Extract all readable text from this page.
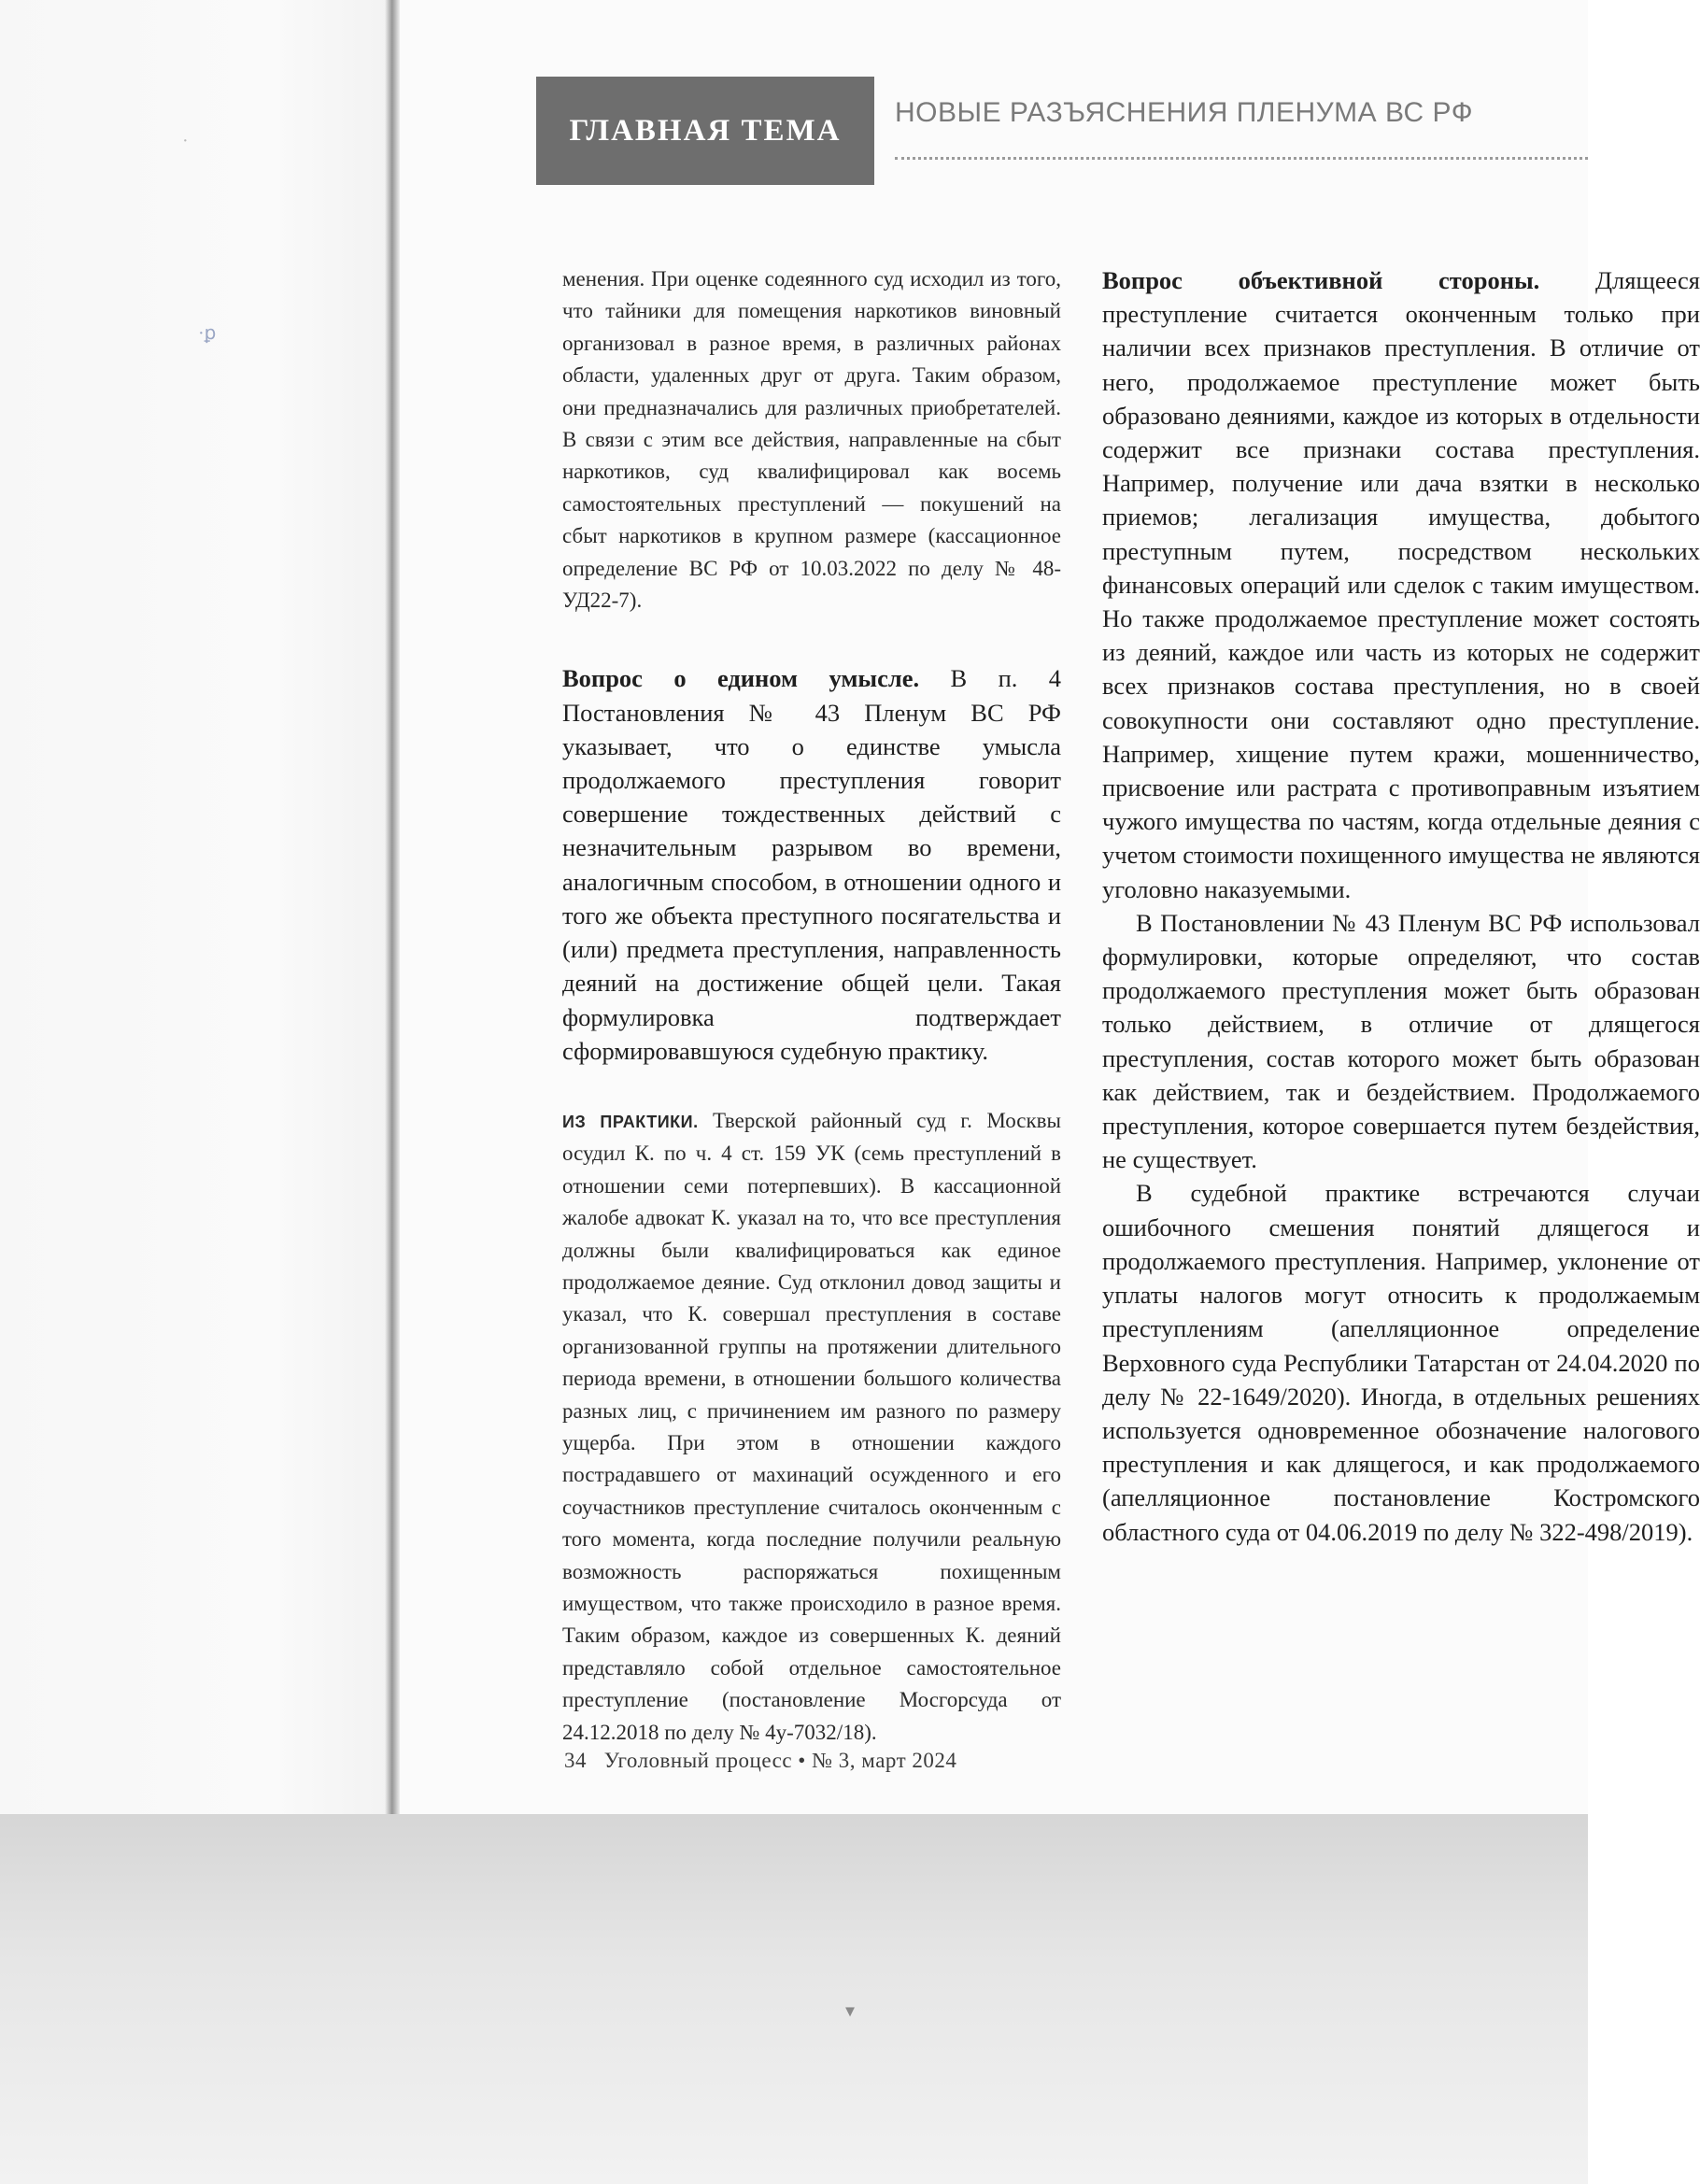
·ꝑ
·
▾
ГЛАВНАЯ ТЕМА
НОВЫЕ РАЗЪЯСНЕНИЯ ПЛЕНУМА ВС РФ

менения. При оценке содеянного суд исходил из того, что тайники для помещения наркотиков виновный организовал в разное время, в различных районах области, удаленных друг от друга. Таким образом, они предназначались для различных приобретателей. В связи с этим все действия, направленные на сбыт наркотиков, суд квалифицировал как восемь самостоятельных преступлений — покушений на сбыт наркотиков в крупном размере (кассационное определение ВС РФ от 10.03.2022 по делу № 48-УД22-7).

Вопрос о едином умысле. В п. 4 Постановления № 43 Пленум ВС РФ указывает, что о единстве умысла продолжаемого преступления говорит совершение тождественных действий с незначительным разрывом во времени, аналогичным способом, в отношении одного и того же объекта преступного посягательства и (или) предмета преступления, направленность деяний на достижение общей цели. Такая формулировка подтверждает сформировавшуюся судебную практику.

ИЗ ПРАКТИКИ. Тверской районный суд г. Москвы осудил К. по ч. 4 ст. 159 УК (семь преступлений в отношении семи потерпевших). В кассационной жалобе адвокат К. указал на то, что все преступления должны были квалифицироваться как единое продолжаемое деяние. Суд отклонил довод защиты и указал, что К. совершал преступления в составе организованной группы на протяжении длительного периода времени, в отношении большого количества разных лиц, с причинением им разного по размеру ущерба. При этом в отношении каждого пострадавшего от махинаций осужденного и его соучастников преступление считалось оконченным с того момента, когда последние получили реальную возможность распоряжаться похищенным имуществом, что также происходило в разное время. Таким образом, каждое из совершенных К. деяний представляло собой отдельное самостоятельное преступление (постановление Мосгорсуда от 24.12.2018 по делу № 4у-7032/18).

Вопрос объективной стороны. Длящееся преступление считается оконченным только при наличии всех признаков преступления. В отличие от него, продолжаемое преступление может быть образовано деяниями, каждое из которых в отдельности содержит все признаки состава преступления. Например, получение или дача взятки в несколько приемов; легализация имущества, добытого преступным путем, посредством нескольких финансовых операций или сделок с таким имуществом. Но также продолжаемое преступление может состоять из деяний, каждое или часть из которых не содержит всех признаков состава преступления, но в своей совокупности они составляют одно преступление. Например, хищение путем кражи, мошенничество, присвоение или растрата с противоправным изъятием чужого имущества по частям, когда отдельные деяния с учетом стоимости похищенного имущества не являются уголовно наказуемыми.

В Постановлении № 43 Пленум ВС РФ использовал формулировки, которые определяют, что состав продолжаемого преступления может быть образован только действием, в отличие от длящегося преступления, состав которого может быть образован как действием, так и бездействием. Продолжаемого преступления, которое совершается путем бездействия, не существует.

В судебной практике встречаются случаи ошибочного смешения понятий длящегося и продолжаемого преступления. Например, уклонение от уплаты налогов могут относить к продолжаемым преступлениям (апелляционное определение Верховного суда Республики Татарстан от 24.04.2020 по делу № 22-1649/2020). Иногда, в отдельных решениях используется одновременное обозначение налогового преступления и как длящегося, и как продолжаемого (апелляционное постановление Костромского областного суда от 04.06.2019 по делу № 322-498/2019).

34 Уголовный процесс • № 3, март 2024
